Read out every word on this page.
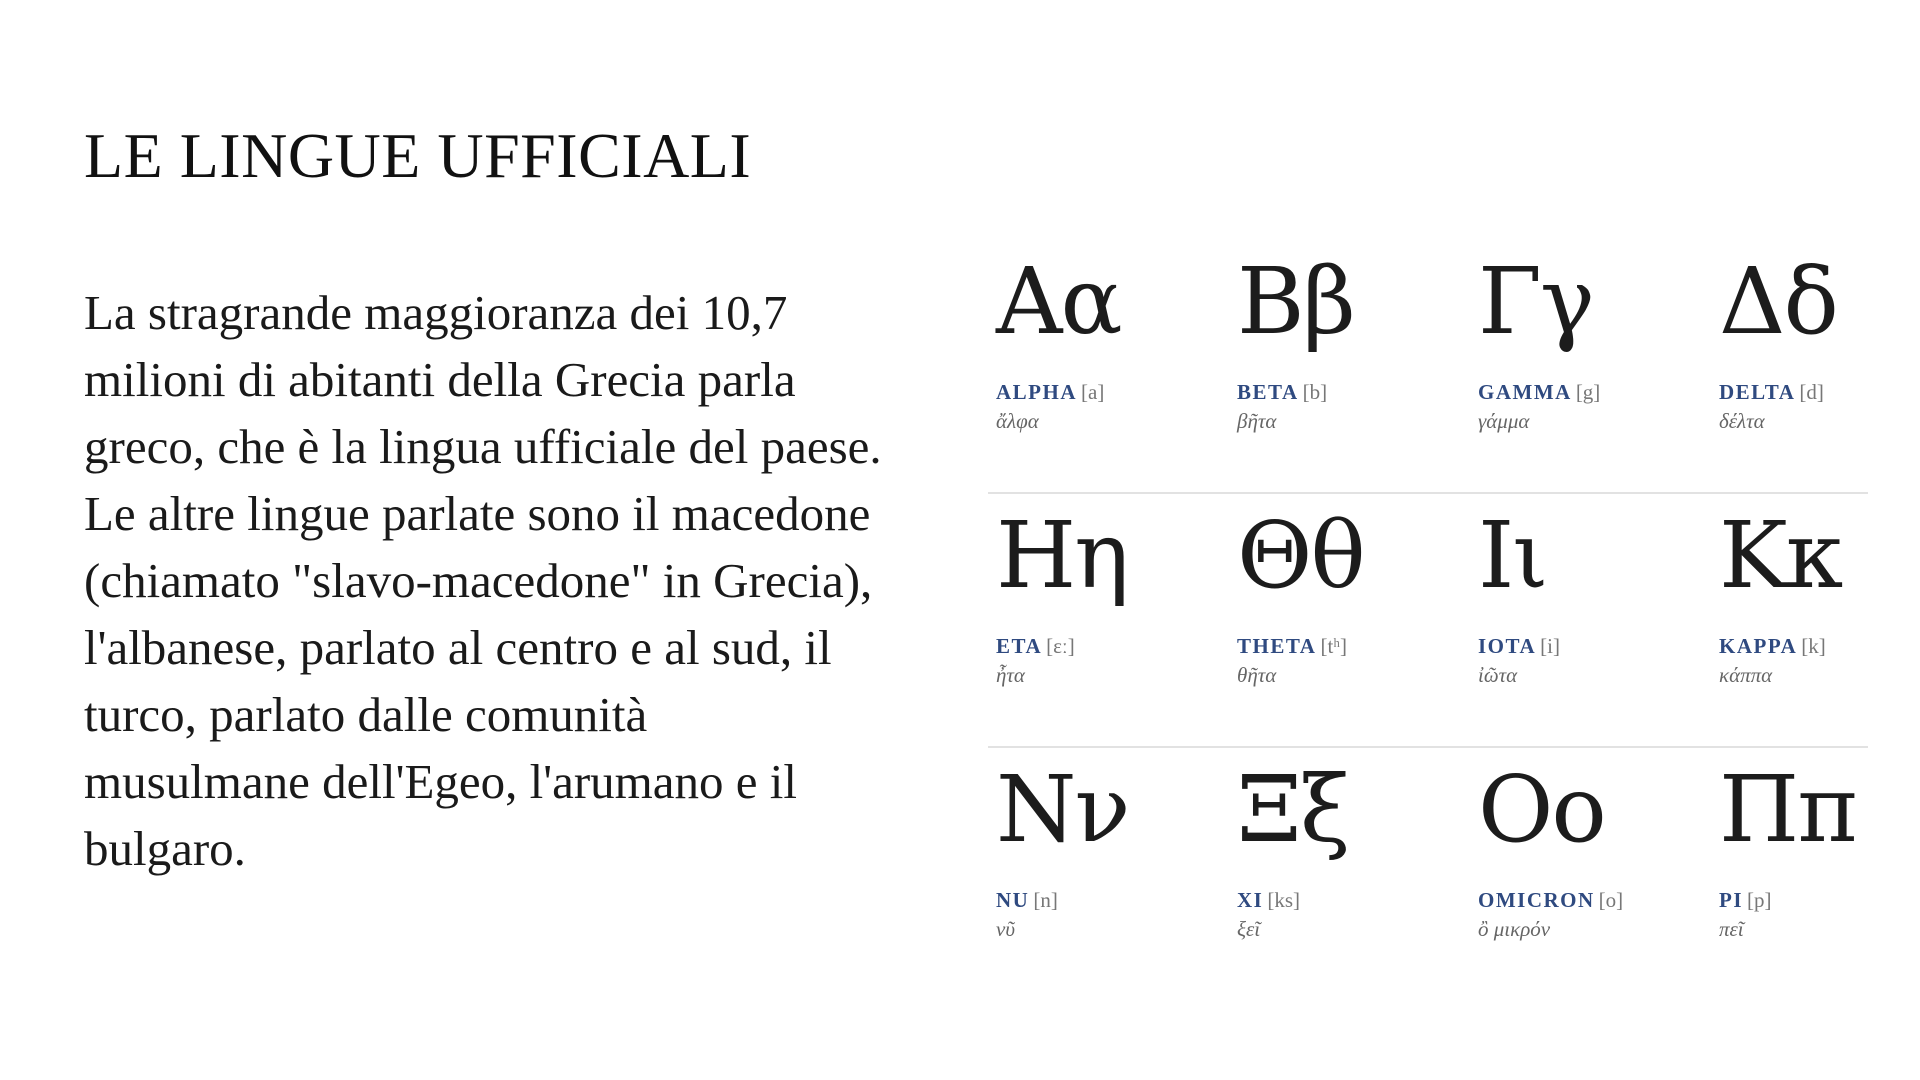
LE LINGUE UFFICIALI
La stragrande maggioranza dei 10,7
milioni di abitanti della Grecia parla
greco, che è la lingua ufficiale del paese.
Le altre lingue parlate sono il macedone
(chiamato "slavo-macedone" in Grecia),
l'albanese, parlato al centro e al sud, il
turco, parlato dalle comunità
musulmane dell'Egeo, l'arumano e il
bulgaro.
Αα
ALPHA [a]
ἄλφα
Ββ
BETA [b]
βῆτα
Γγ
GAMMA [g]
γάμμα
Δδ
DELTA [d]
δέλτα
Ηη
ETA [ɛː]
ἦτα
Θθ
THETA [tʰ]
θῆτα
Ιι
IOTA [i]
ἰῶτα
Κκ
KAPPA [k]
κάππα
Νν
NU [n]
νῦ
Ξξ
XI [ks]
ξεῖ
Οο
OMICRON [o]
ὂ μικρόν
Ππ
PI [p]
πεῖ
